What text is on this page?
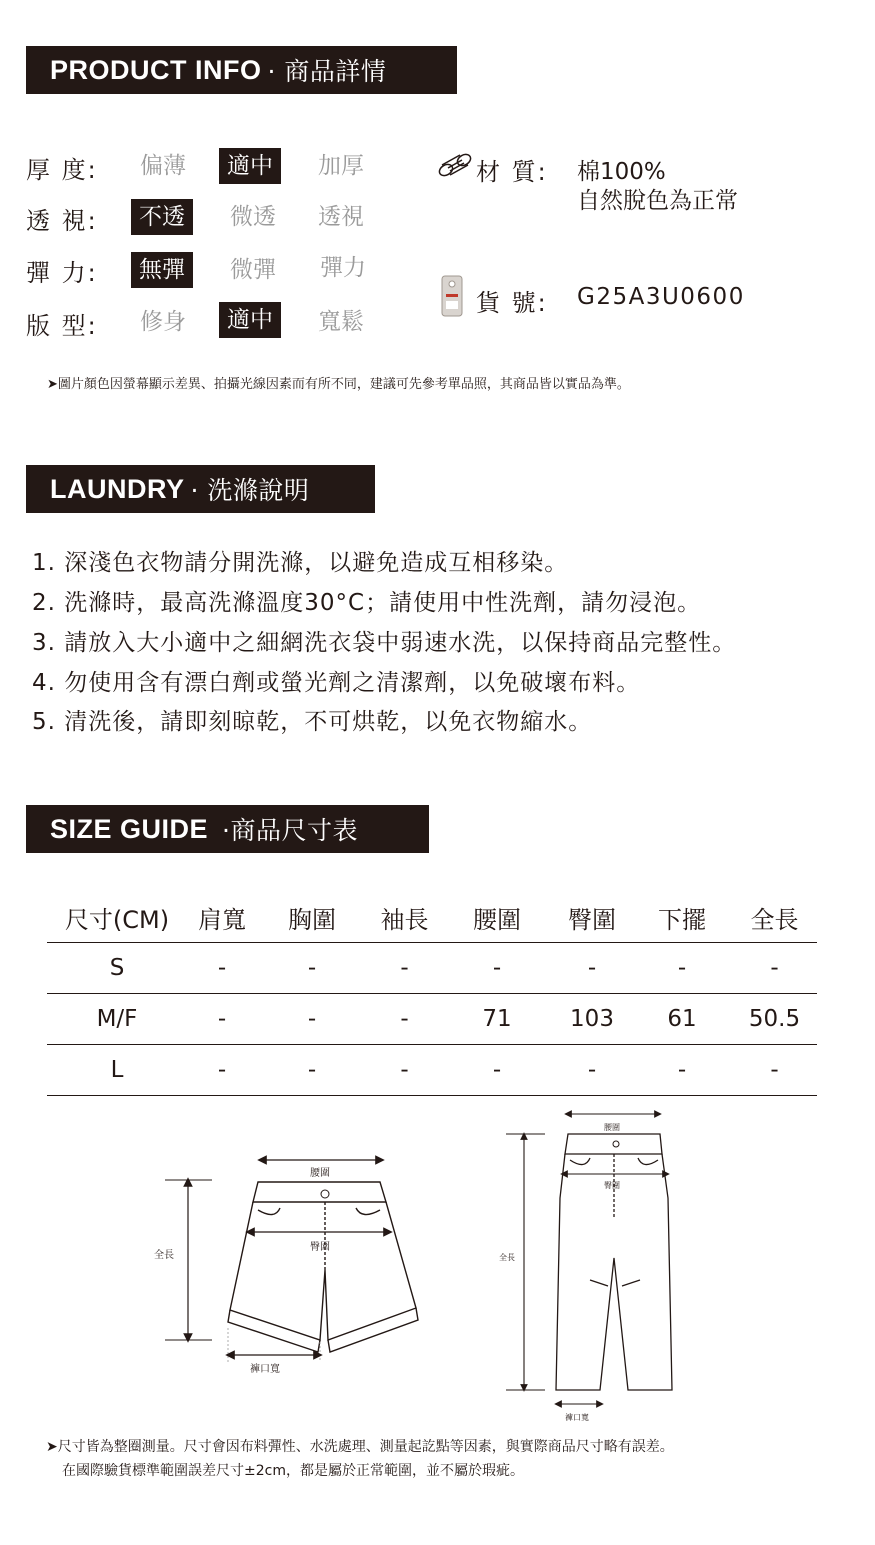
PRODUCT INFO · 商品詳情
厚 度: 偏薄	適中	加厚
透 視:	不透	微透 透視
彈 力:	無彈	微彈 彈力
版 型: 修身	適中	寬鬆
材 質: 棉100%
自然脫色為正常
貨 號: G25A3U0600
➤圖片顏色因螢幕顯示差異、拍攝光線因素而有所不同，建議可先參考單品照，其商品皆以實品為準。
LAUNDRY · 洗滌說明
1. 深淺色衣物請分開洗滌，以避免造成互相移染。
2. 洗滌時，最高洗滌溫度30°C；請使用中性洗劑，請勿浸泡。
3. 請放入大小適中之細網洗衣袋中弱速水洗，以保持商品完整性。
4. 勿使用含有漂白劑或螢光劑之清潔劑，以免破壞布料。
5. 清洗後，請即刻晾乾，不可烘乾，以免衣物縮水。
SIZE GUIDE ·商品尺寸表
尺寸(CM)	肩寬	胸圍	袖長	腰圍	臀圍	下擺	全長
S	-	-	-	-	-	-	-
M/F	-	-	-	71	103	61	50.5
L	-	-	-	-	-	-	-
腰圍
全長
臀圍
褲口寬
腰圍
全長
臀圍
褲口寬
➤尺寸皆為整圈測量。尺寸會因布料彈性、水洗處理、測量起訖點等因素，與實際商品尺寸略有誤差。
在國際驗貨標準範圍誤差尺寸±2cm，都是屬於正常範圍，並不屬於瑕疵。
